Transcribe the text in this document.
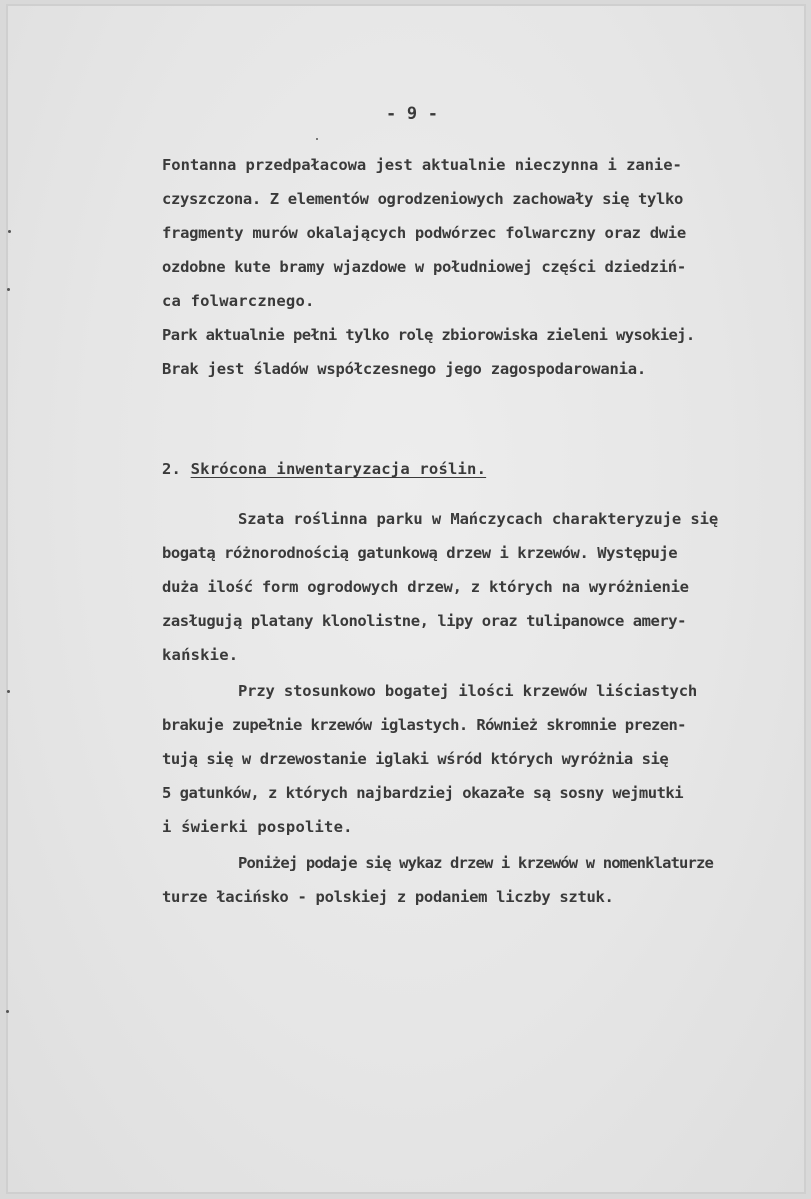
- 9 -
Fontanna przedpałacowa jest aktualnie nieczynna i zanie-
czyszczona. Z elementów ogrodzeniowych zachowały się tylko
fragmenty murów okalających podwórzec folwarczny oraz dwie
ozdobne kute bramy wjazdowe w południowej części dziedziń-
ca folwarcznego.
Park aktualnie pełni tylko rolę zbiorowiska zieleni wysokiej.
Brak jest śladów współczesnego jego zagospodarowania.
2. Skrócona inwentaryzacja roślin.
Szata roślinna parku w Mańczycach charakteryzuje się
bogatą różnorodnością gatunkową drzew i krzewów. Występuje
duża ilość form ogrodowych drzew, z których na wyróżnienie
zasługują platany klonolistne, lipy oraz tulipanowce amery-
kańskie.
Przy stosunkowo bogatej ilości krzewów liściastych
brakuje zupełnie krzewów iglastych. Również skromnie prezen-
tują się w drzewostanie iglaki wśród których wyróżnia się
5 gatunków, z których najbardziej okazałe są sosny wejmutki
i świerki pospolite.
Poniżej podaje się wykaz drzew i krzewów w nomenklaturze
turze łacińsko - polskiej z podaniem liczby sztuk.
